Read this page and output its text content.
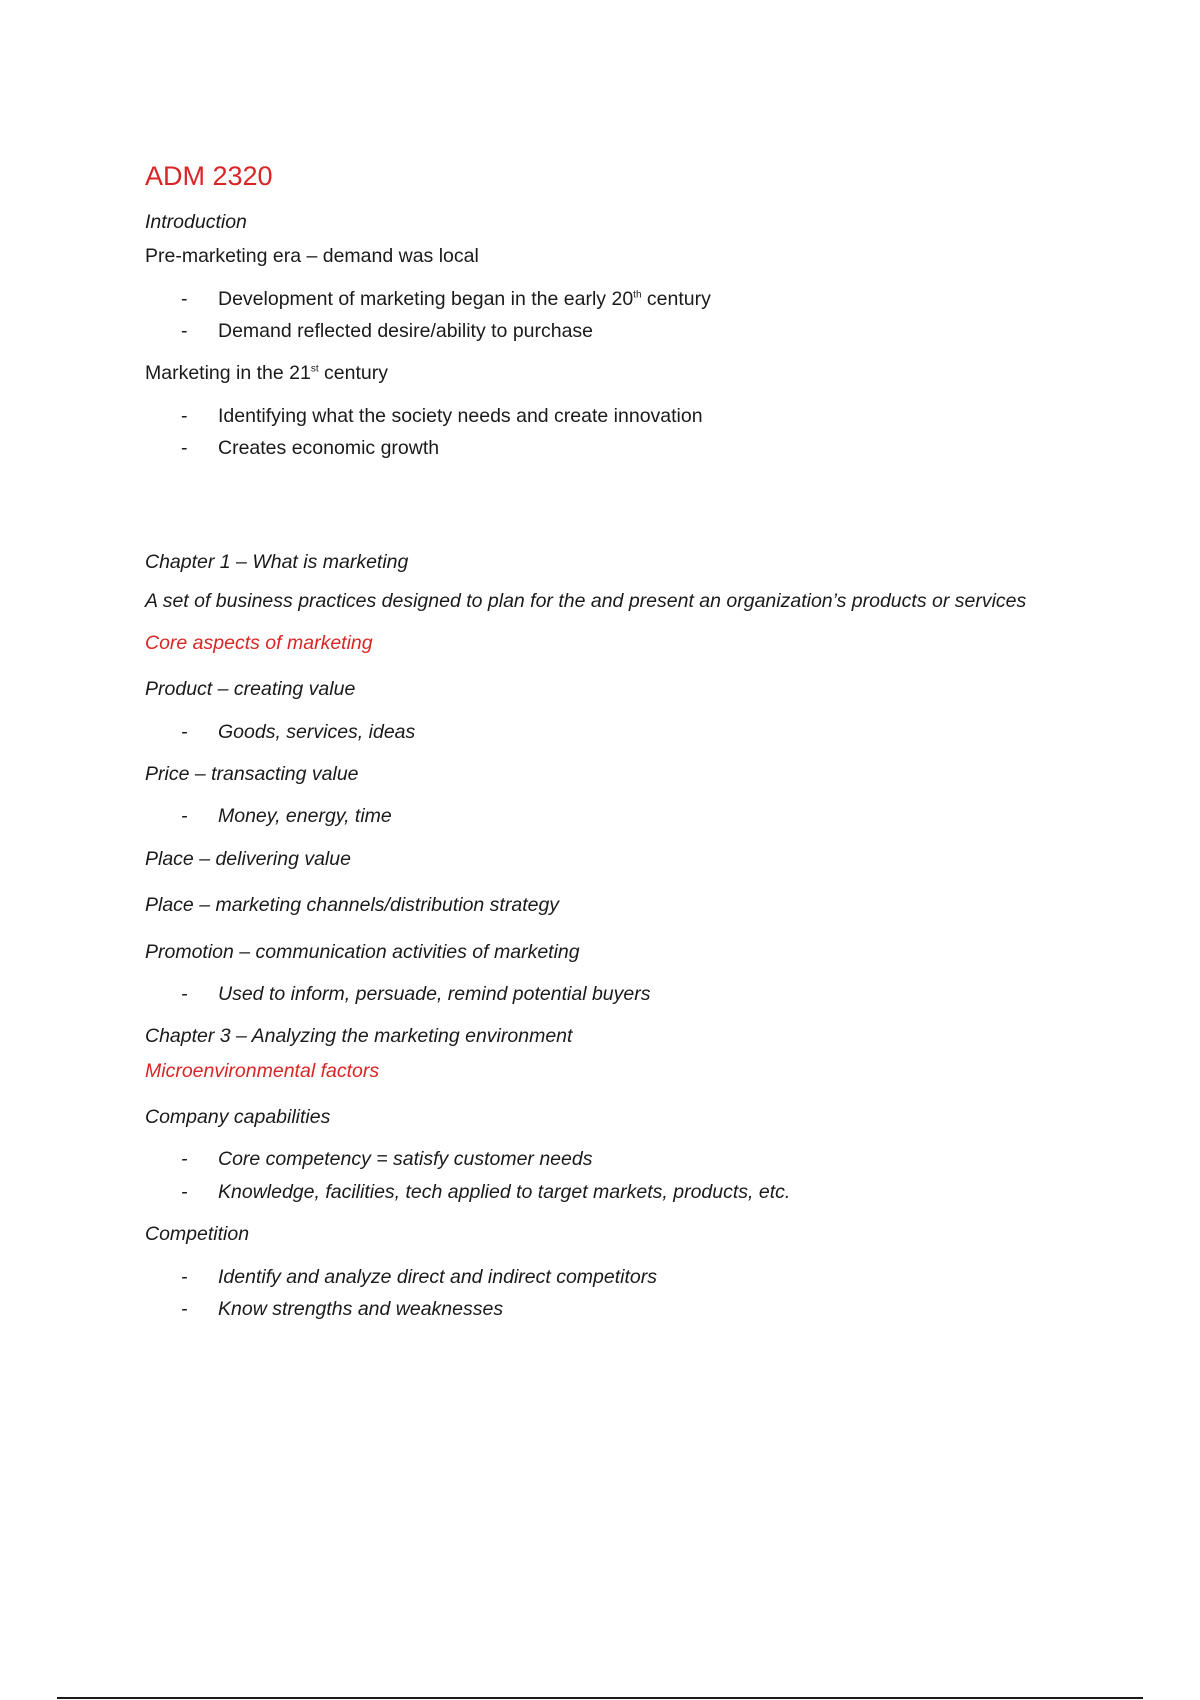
ADM 2320
Introduction
Pre-marketing era – demand was local
- Development of marketing began in the early 20th century
- Demand reflected desire/ability to purchase
Marketing in the 21st century
- Identifying what the society needs and create innovation
- Creates economic growth
Chapter 1 – What is marketing
A set of business practices designed to plan for the and present an organization’s products or services
Core aspects of marketing
Product – creating value
- Goods, services, ideas
Price – transacting value
- Money, energy, time
Place – delivering value
Place – marketing channels/distribution strategy
Promotion – communication activities of marketing
- Used to inform, persuade, remind potential buyers
Chapter 3 – Analyzing the marketing environment
Microenvironmental factors
Company capabilities
- Core competency = satisfy customer needs
- Knowledge, facilities, tech applied to target markets, products, etc.
Competition
- Identify and analyze direct and indirect competitors
- Know strengths and weaknesses
